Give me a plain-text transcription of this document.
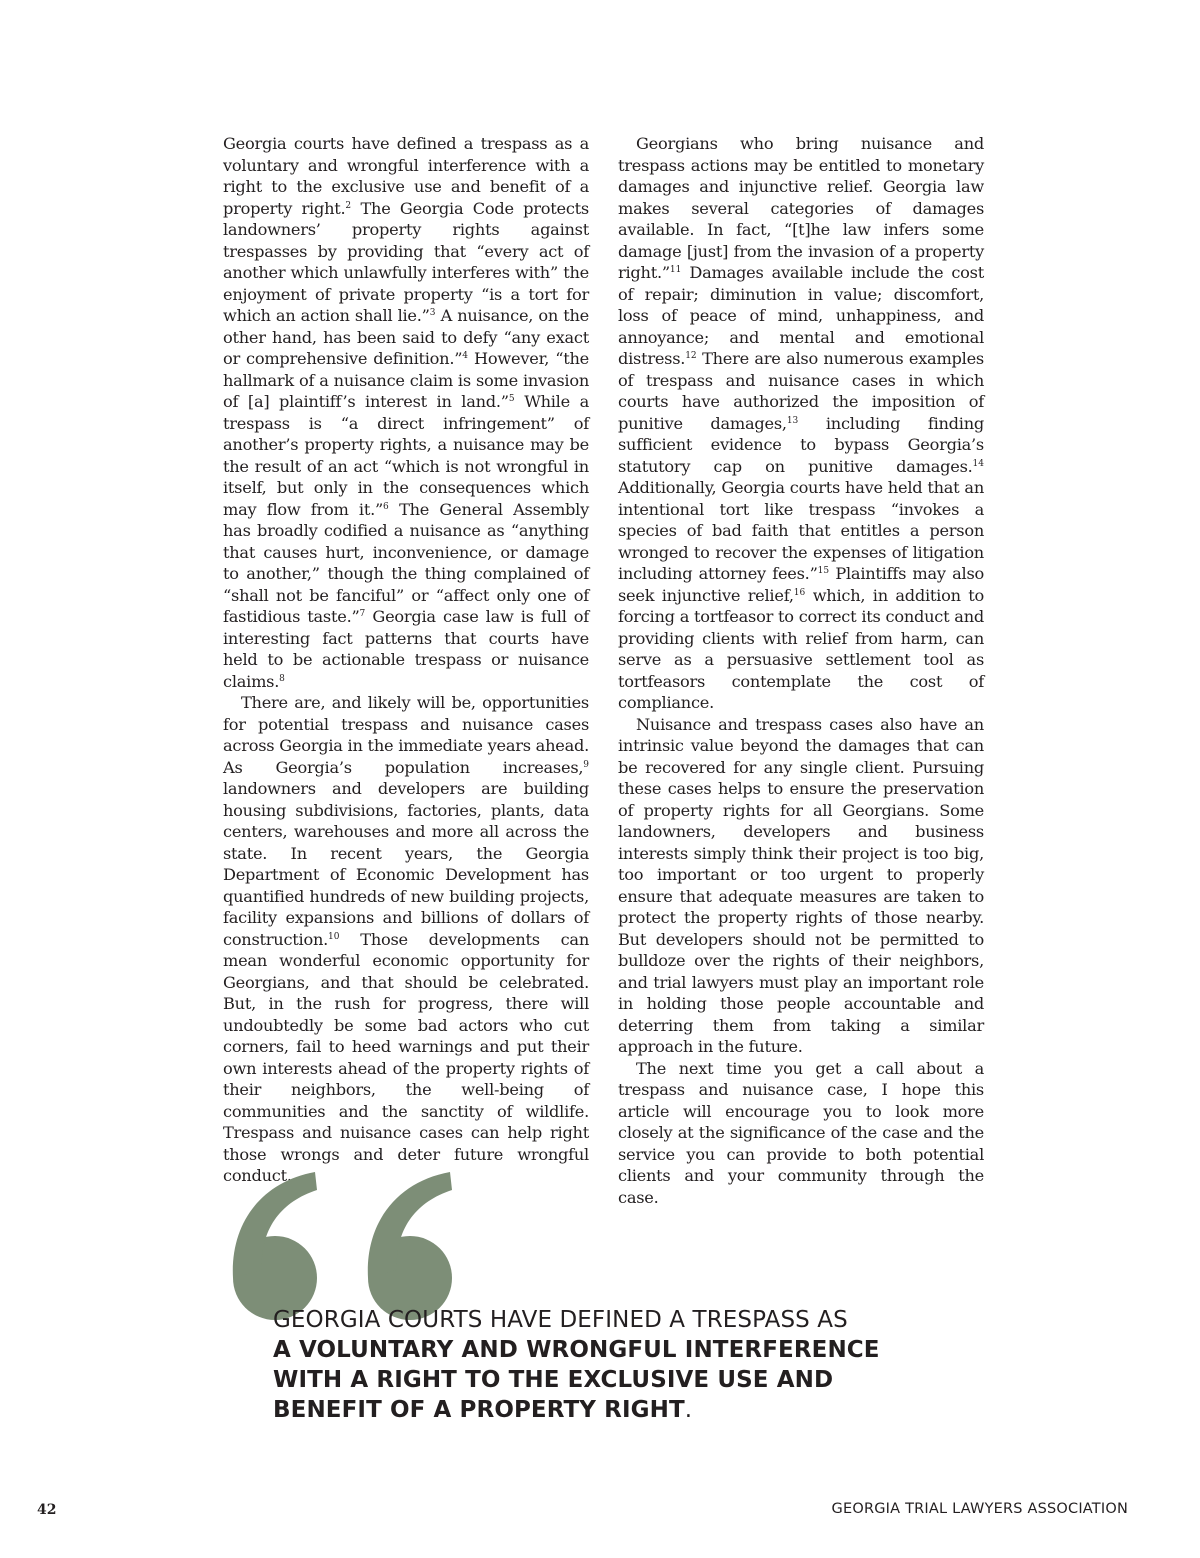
Georgia courts have defined a trespass as a voluntary and wrongful interference with a right to the exclusive use and benefit of a property right.$^2$ The Georgia Code protects landowners’ property rights against trespasses by providing that “every act of another which unlawfully interferes with” the enjoyment of private property “is a tort for which an action shall lie.”$^3$ A nuisance, on the other hand, has been said to defy “any exact or comprehensive definition.”$^4$ However, “the hallmark of a nuisance claim is some invasion of [a] plaintiff’s interest in land.”$^5$ While a trespass is “a direct infringement” of another’s property rights, a nuisance may be the result of an act “which is not wrongful in itself, but only in the consequences which may flow from it.”$^6$ The General Assembly has broadly codified a nuisance as “anything that causes hurt, inconvenience, or damage to another,” though the thing complained of “shall not be fanciful” or “affect only one of fastidious taste.”$^7$ Georgia case law is full of interesting fact patterns that courts have held to be actionable trespass or nuisance claims.$^8$

There are, and likely will be, opportunities for potential trespass and nuisance cases across Georgia in the immediate years ahead. As Georgia’s population increases,$^9$ landowners and developers are building housing subdivisions, factories, plants, data centers, warehouses and more all across the state. In recent years, the Georgia Department of Economic Development has quantified hundreds of new building projects, facility expansions and billions of dollars of construction.$^{10}$ Those developments can mean wonderful economic opportunity for Georgians, and that should be celebrated. But, in the rush for progress, there will undoubtedly be some bad actors who cut corners, fail to heed warnings and put their own interests ahead of the property rights of their neighbors, the well-being of communities and the sanctity of wildlife. Trespass and nuisance cases can help right those wrongs and deter future wrongful conduct.

Georgians who bring nuisance and trespass actions may be entitled to monetary damages and injunctive relief. Georgia law makes several categories of damages available. In fact, “[t]he law infers some damage [just] from the invasion of a property right.”$^{11}$ Damages available include the cost of repair; diminution in value; discomfort, loss of peace of mind, unhappiness, and annoyance; and mental and emotional distress.$^{12}$ There are also numerous examples of trespass and nuisance cases in which courts have authorized the imposition of punitive damages,$^{13}$ including finding sufficient evidence to bypass Georgia’s statutory cap on punitive damages.$^{14}$ Additionally, Georgia courts have held that an intentional tort like trespass “invokes a species of bad faith that entitles a person wronged to recover the expenses of litigation including attorney fees.”$^{15}$ Plaintiffs may also seek injunctive relief,$^{16}$ which, in addition to forcing a tortfeasor to correct its conduct and providing clients with relief from harm, can serve as a persuasive settlement tool as tortfeasors contemplate the cost of compliance.

Nuisance and trespass cases also have an intrinsic value beyond the damages that can be recovered for any single client. Pursuing these cases helps to ensure the preservation of property rights for all Georgians. Some landowners, developers and business interests simply think their project is too big, too important or too urgent to properly ensure that adequate measures are taken to protect the property rights of those nearby. But developers should not be permitted to bulldoze over the rights of their neighbors, and trial lawyers must play an important role in holding those people accountable and deterring them from taking a similar approach in the future.

The next time you get a call about a trespass and nuisance case, I hope this article will encourage you to look more closely at the significance of the case and the service you can provide to both potential clients and your community through the case.

GEORGIA COURTS HAVE DEFINED A TRESPASS AS
A VOLUNTARY AND WRONGFUL INTERFERENCE WITH A RIGHT TO THE EXCLUSIVE USE AND BENEFIT OF A PROPERTY RIGHT.
42	GEORGIA TRIAL LAWYERS ASSOCIATION
